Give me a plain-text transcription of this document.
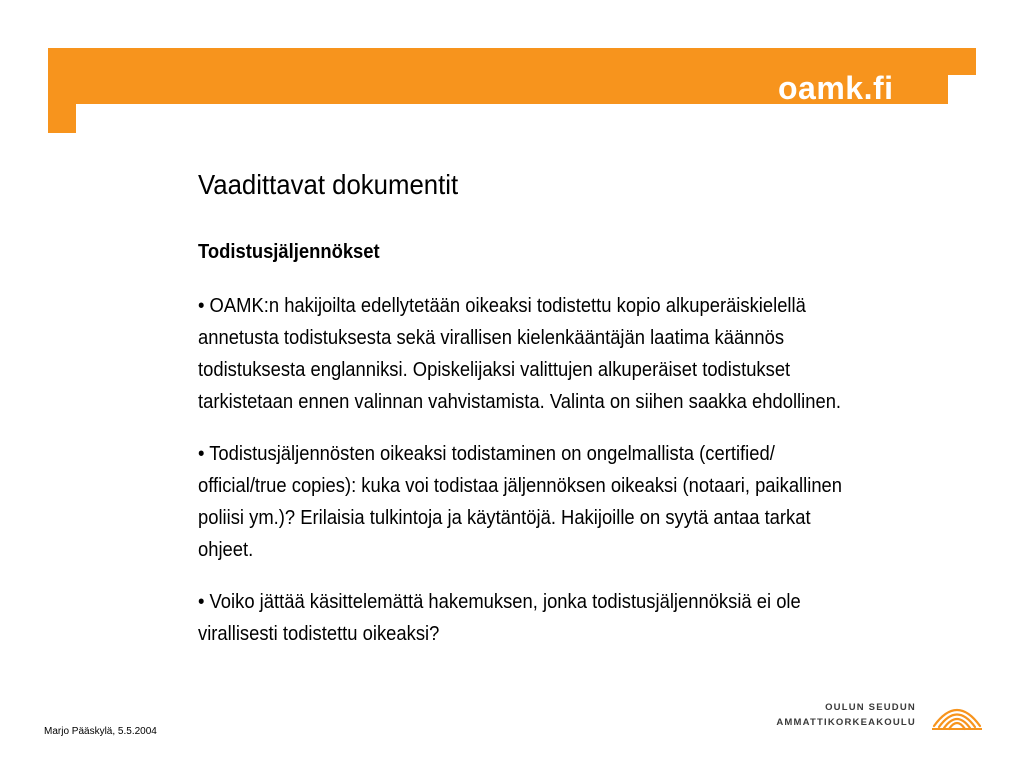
oamk.fi
Vaadittavat dokumentit
Todistusjäljennökset

• OAMK:n hakijoilta edellytetään oikeaksi todistettu kopio alkuperäiskielellä annetusta todistuksesta sekä virallisen kielenkääntäjän laatima käännös todistuksesta englanniksi. Opiskelijaksi valittujen alkuperäiset todistukset tarkistetaan ennen valinnan vahvistamista. Valinta on siihen saakka ehdollinen.

• Todistusjäljennösten oikeaksi todistaminen on ongelmallista (certified/ official/true copies): kuka voi todistaa jäljennöksen oikeaksi (notaari, paikallinen poliisi ym.)? Erilaisia tulkintoja ja käytäntöjä. Hakijoille on syytä antaa tarkat ohjeet.

• Voiko jättää käsittelemättä hakemuksen, jonka todistusjäljennöksiä ei ole virallisesti todistettu oikeaksi?

Marjo Pääskylä, 5.5.2004
OULUN SEUDUN
AMMATTIKORKEAKOULU
